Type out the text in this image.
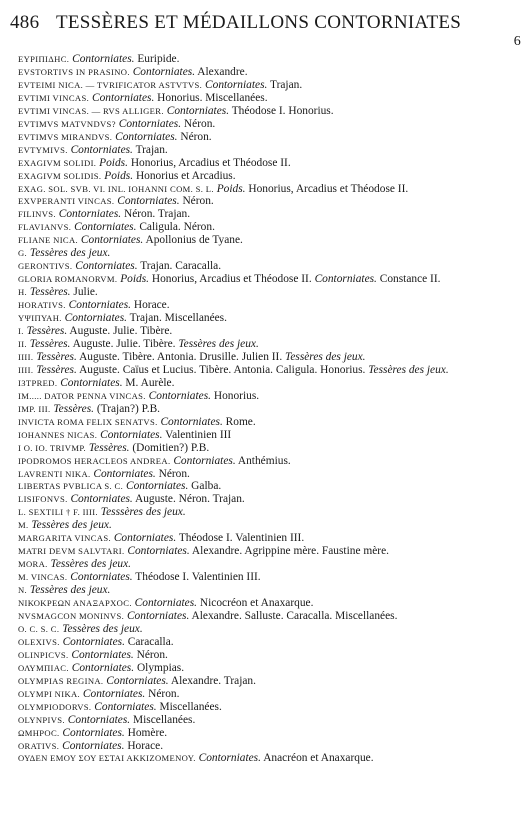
486 TESSÈRES ET MÉDAILLONS CONTORNIATES
6
ΕΥΡΙΠΙΔΗC. Contorniates. Euripide.
EVSTORTIVS IN PRASINO. Contorniates. Alexandre.
EVTEIMI NICA. — TVRIFICATOR ASTVTVS. Contorniates. Trajan.
EVTIMI VINCAS. Contorniates. Honorius. Miscellanées.
EVTIMI VINCAS. — RVS ALLIGER. Contorniates. Théodose I. Honorius.
EVTIMVS MATVNDVS? Contorniates. Néron.
EVTIMVS MIRANDVS. Contorniates. Néron.
EVTYMIVS. Contorniates. Trajan.
EXAGIVM SOLIDI. Poids. Honorius, Arcadius et Théodose II.
EXAGIVM SOLIDIS. Poids. Honorius et Arcadius.
EXAG. SOL. SVB. VI. INL. IOHANNI COM. S. L. Poids. Honorius, Arcadius et Théodose II.
EXVPERANTI VINCAS. Contorniates. Néron.
FILINVS. Contorniates. Néron. Trajan.
FLAVIANVS. Contorniates. Caligula. Néron.
FLIANE NICA. Contorniates. Apollonius de Tyane.
G. Tessères des jeux.
GERONTIVS. Contorniates. Trajan. Caracalla.
GLORIA ROMANORVM. Poids. Honorius, Arcadius et Théodose II. Contorniates. Constance II.
H. Tessères. Julie.
HORATIVS. Contorniates. Horace.
ΥΨΙΠΥΑΗ. Contorniates. Trajan. Miscellanées.
I. Tessères. Auguste. Julie. Tibère.
II. Tessères. Auguste. Julie. Tibère. Tessères des jeux.
IIII. Tessères. Auguste. Tibère. Antonia. Drusille. Julien II. Tessères des jeux.
IIII. Tessères. Auguste. Caïus et Lucius. Tibère. Antonia. Caligula. Honorius. Tessères des jeux.
IЗTPRED. Contorniates. M. Aurèle.
IM..... DATOR PENNA VINCAS. Contorniates. Honorius.
IMP. III. Tessères. (Trajan?) P.B.
INVICTA ROMA FELIX SENATVS. Contorniates. Rome.
IOHANNES NICAS. Contorniates. Valentinien III
I O. IO. TRIVMP. Tessères. (Domitien?) P.B.
IPODROMOS HERACLEOS ANDREA. Contorniates. Anthémius.
LAVRENTI NIKA. Contorniates. Néron.
LIBERTAS PVBLICA S. C. Contorniates. Galba.
LISIFONVS. Contorniates. Auguste. Néron. Trajan.
L. SEXTILI † F. IIII. Tesssères des jeux.
M. Tessères des jeux.
MARGARITA VINCAS. Contorniates. Théodose I. Valentinien III.
MATRI DEVM SALVTARI. Contorniates. Alexandre. Agrippine mère. Faustine mère.
MORA. Tessères des jeux.
M. VINCAS. Contorniates. Théodose I. Valentinien III.
N. Tessères des jeux.
ΝΙΚΟΚΡΕΩΝ ΑΝΑΞΑΡΧΟC. Contorniates. Nicocréon et Anaxarque.
NVSMAGCON MONINVS. Contorniates. Alexandre. Salluste. Caracalla. Miscellanées.
O. C. S. C. Tessères des jeux.
OLEXIVS. Contorniates. Caracalla.
OLINPICVS. Contorniates. Néron.
ΟΛΥΜΠΙΑC. Contorniates. Olympias.
OLYMPIAS REGINA. Contorniates. Alexandre. Trajan.
OLYMPI NIKA. Contorniates. Néron.
OLYMPIODORVS. Contorniates. Miscellanées.
OLYNPIVS. Contorniates. Miscellanées.
ΩΜΗΡΟC. Contorniates. Homère.
ORATIVS. Contorniates. Horace.
ΟΥΔΕΝ ΕΜΟΥ ΣΟΥ ΕΣΤΑΙ ΑΚΚΙΖΟΜΕΝΟΥ. Contorniates. Anacréon et Anaxarque.
